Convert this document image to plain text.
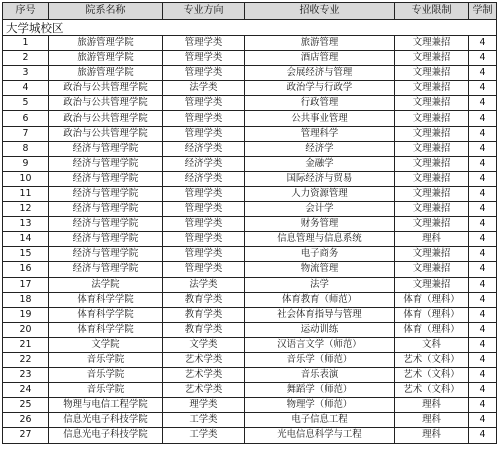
序号	院系名称	专业方向	招收专业	专业限制	学制
大学城校区					
1	旅游管理学院	管理学类	旅游管理	文理兼招	4
2	旅游管理学院	管理学类	酒店管理	文理兼招	4
3	旅游管理学院	管理学类	会展经济与管理	文理兼招	4
4	政治与公共管理学院	法学类	政治学与行政学	文理兼招	4
5	政治与公共管理学院	管理学类	行政管理	文理兼招	4
6	政治与公共管理学院	管理学类	公共事业管理	文理兼招	4
7	政治与公共管理学院	管理学类	管理科学	文理兼招	4
8	经济与管理学院	经济学类	经济学	文理兼招	4
9	经济与管理学院	经济学类	金融学	文理兼招	4
10	经济与管理学院	经济学类	国际经济与贸易	文理兼招	4
11	经济与管理学院	管理学类	人力资源管理	文理兼招	4
12	经济与管理学院	管理学类	会计学	文理兼招	4
13	经济与管理学院	管理学类	财务管理	文理兼招	4
14	经济与管理学院	管理学类	信息管理与信息系统	理科	4
15	经济与管理学院	管理学类	电子商务	文理兼招	4
16	经济与管理学院	管理学类	物流管理	文理兼招	4
17	法学院	法学类	法学	文理兼招	4
18	体育科学学院	教育学类	体育教育（师范）	体育（理科）	4
19	体育科学学院	教育学类	社会体育指导与管理	体育（理科）	4
20	体育科学学院	教育学类	运动训练	体育（理科）	4
21	文学院	文学类	汉语言文学（师范）	文科	4
22	音乐学院	艺术学类	音乐学（师范）	艺术（文科）	4
23	音乐学院	艺术学类	音乐表演	艺术（文科）	4
24	音乐学院	艺术学类	舞蹈学（师范）	艺术（文科）	4
25	物理与电信工程学院	理学类	物理学（师范）	理科	4
26	信息光电子科技学院	工学类	电子信息工程	理科	4
27	信息光电子科技学院	工学类	光电信息科学与工程	理科	4
